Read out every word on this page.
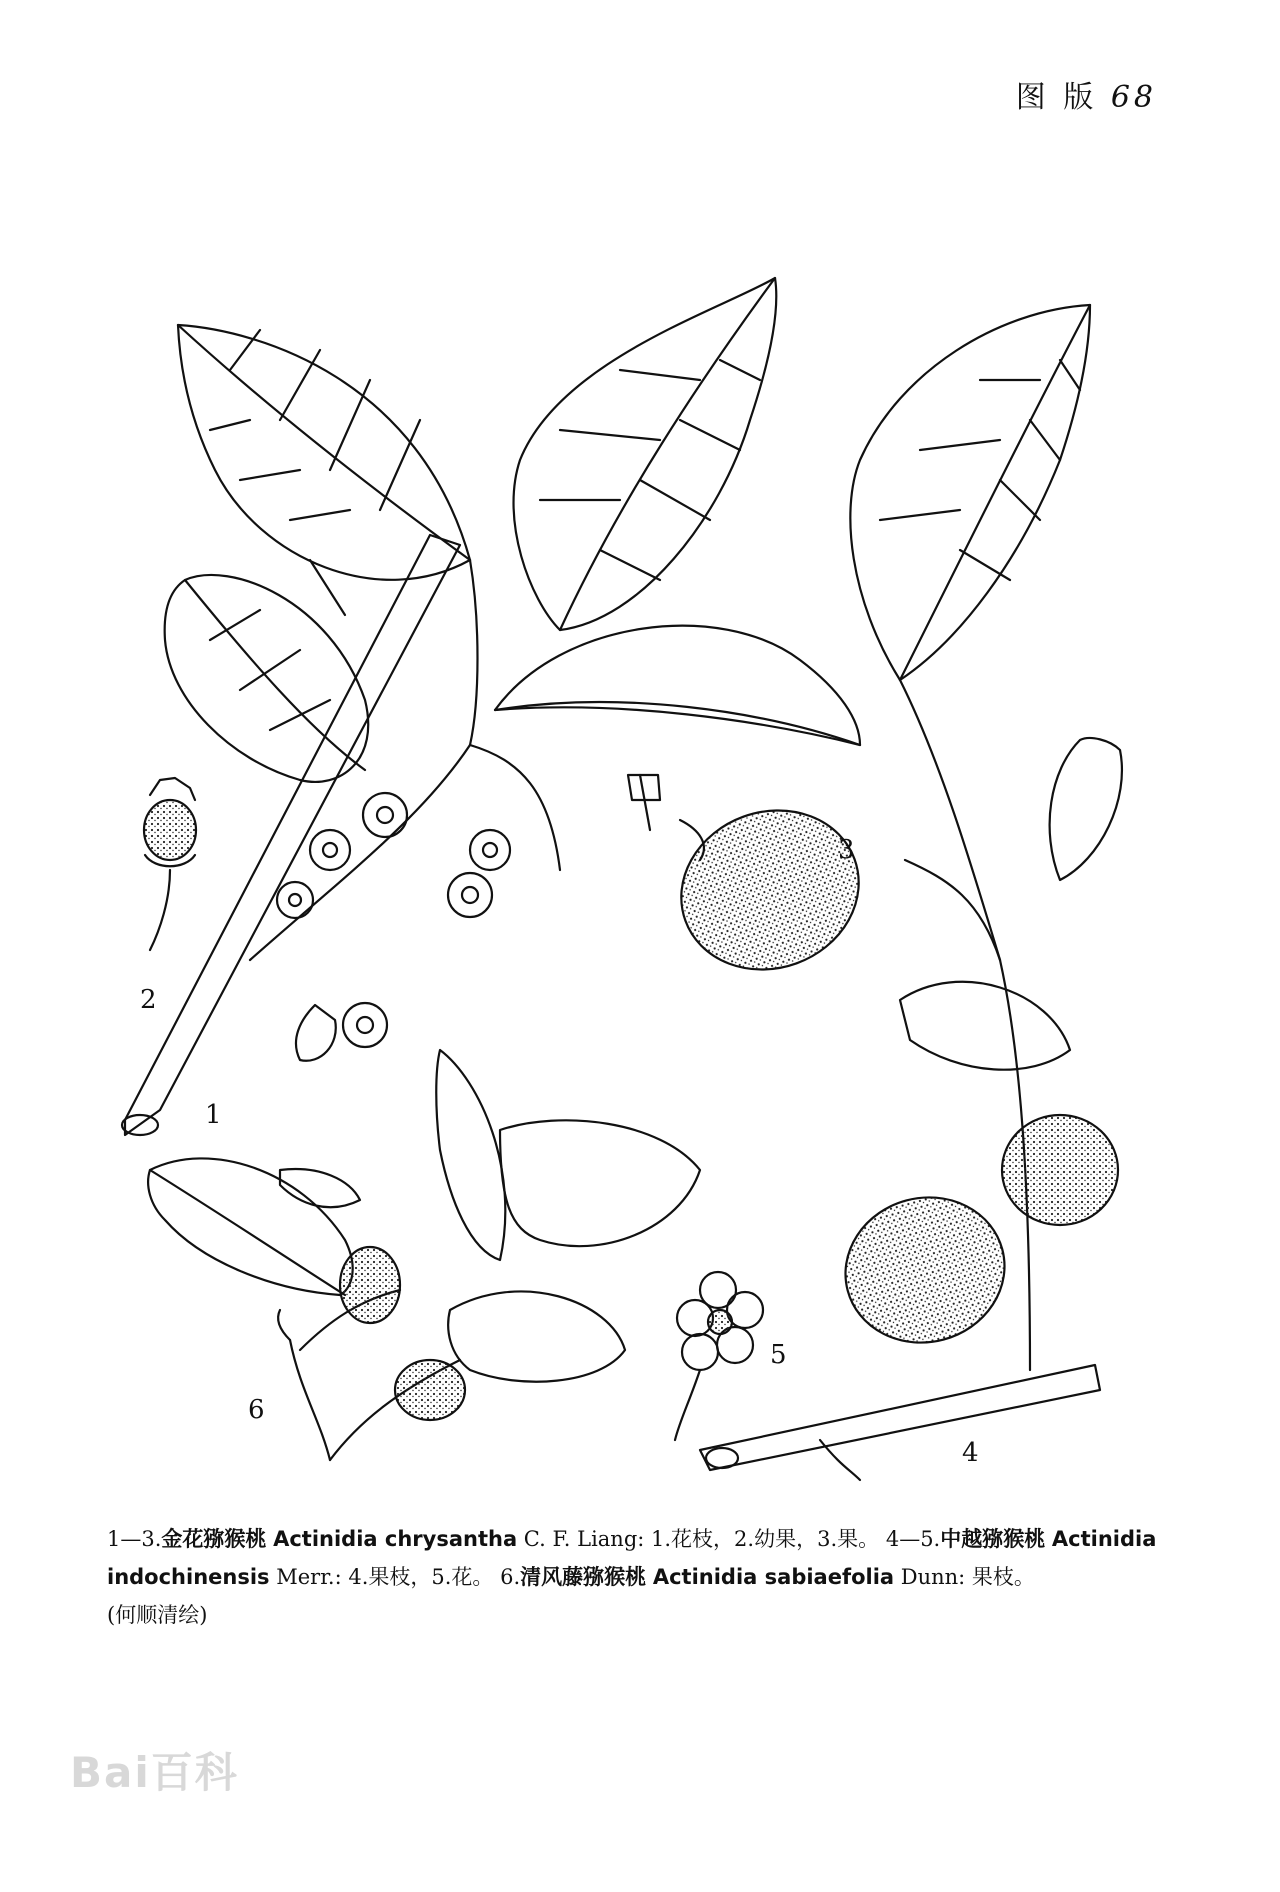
图 版 68
1
2
3
4
5
6
1—3.金花猕猴桃 Actinidia chrysantha C. F. Liang: 1.花枝，2.幼果，3.果。 4—5.中越猕猴桃 Actinidia indochinensis Merr.: 4.果枝，5.花。 6.清风藤猕猴桃 Actinidia sabiaefolia Dunn: 果枝。
(何顺清绘)
Bai百科
